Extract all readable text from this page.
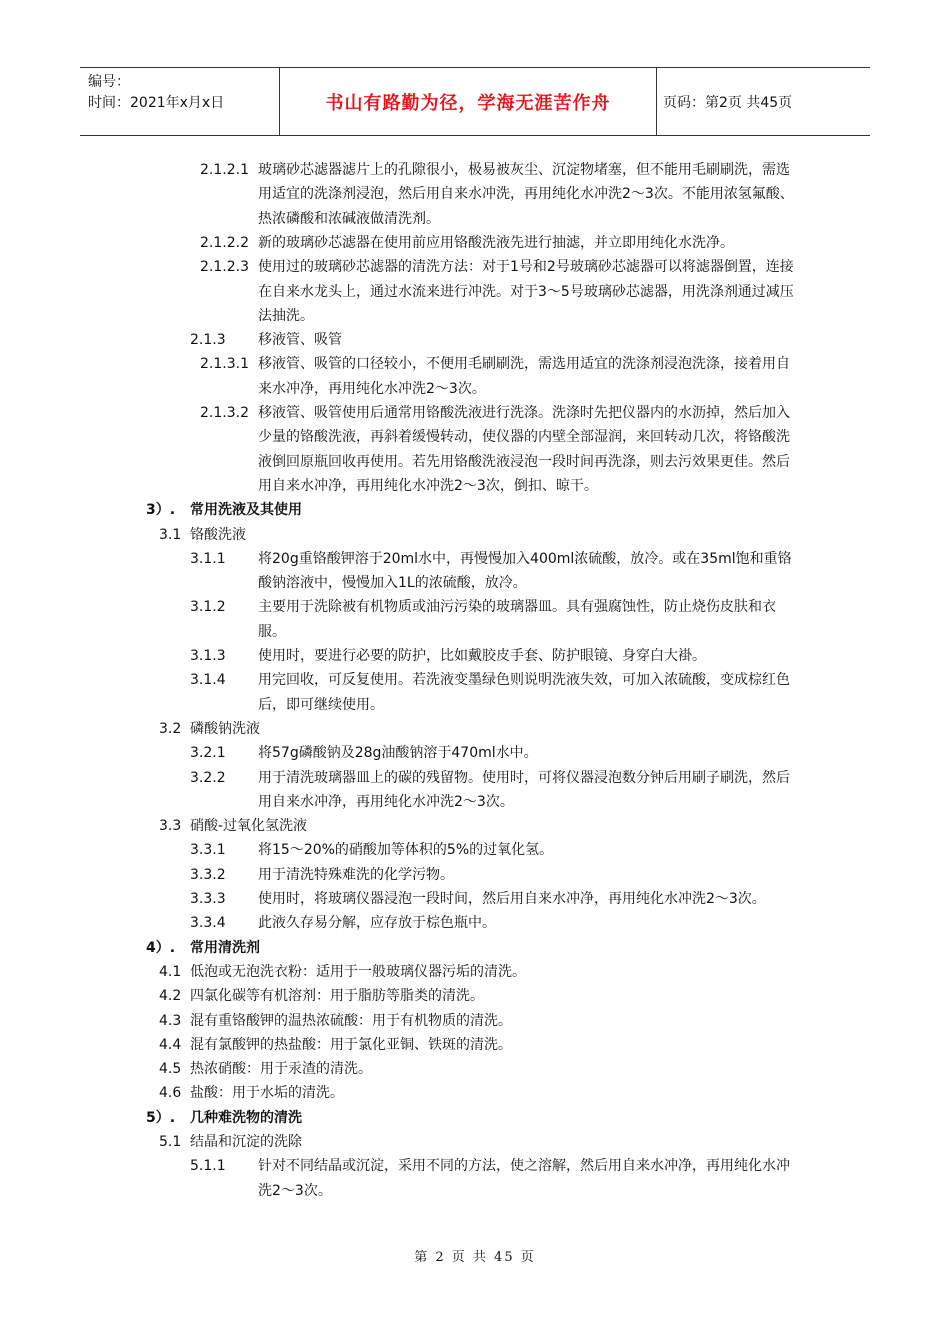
编号：
时间：2021年x月x日	书山有路勤为径，学海无涯苦作舟	页码：第2页 共45页
2.1.2.1 玻璃砂芯滤器滤片上的孔隙很小，极易被灰尘、沉淀物堵塞，但不能用毛刷刷洗，需选
用适宜的洗涤剂浸泡，然后用自来水冲洗，再用纯化水冲洗2～3次。不能用浓氢氟酸、
热浓磷酸和浓碱液做清洗剂。
2.1.2.2 新的玻璃砂芯滤器在使用前应用铬酸洗液先进行抽滤，并立即用纯化水洗净。
2.1.2.3 使用过的玻璃砂芯滤器的清洗方法：对于1号和2号玻璃砂芯滤器可以将滤器倒置，连接
在自来水龙头上，通过水流来进行冲洗。对于3～5号玻璃砂芯滤器，用洗涤剂通过减压
法抽洗。
2.1.3 移液管、吸管
2.1.3.1 移液管、吸管的口径较小，不便用毛刷刷洗，需选用适宜的洗涤剂浸泡洗涤，接着用自
来水冲净，再用纯化水冲洗2～3次。
2.1.3.2 移液管、吸管使用后通常用铬酸洗液进行洗涤。洗涤时先把仪器内的水沥掉，然后加入
少量的铬酸洗液，再斜着缓慢转动，使仪器的内壁全部湿润，来回转动几次，将铬酸洗
液倒回原瓶回收再使用。若先用铬酸洗液浸泡一段时间再洗涤，则去污效果更佳。然后
用自来水冲净，再用纯化水冲洗2～3次，倒扣、晾干。
3）. 常用洗液及其使用
3.1 铬酸洗液
3.1.1 将20g重铬酸钾溶于20ml水中，再慢慢加入400ml浓硫酸，放冷。或在35ml饱和重铬
酸钠溶液中，慢慢加入1L的浓硫酸，放冷。
3.1.2 主要用于洗除被有机物质或油污污染的玻璃器皿。具有强腐蚀性，防止烧伤皮肤和衣
服。
3.1.3 使用时，要进行必要的防护，比如戴胶皮手套、防护眼镜、身穿白大褂。
3.1.4 用完回收，可反复使用。若洗液变墨绿色则说明洗液失效，可加入浓硫酸，变成棕红色
后，即可继续使用。
3.2 磷酸钠洗液
3.2.1 将57g磷酸钠及28g油酸钠溶于470ml水中。
3.2.2 用于清洗玻璃器皿上的碳的残留物。使用时，可将仪器浸泡数分钟后用刷子刷洗，然后
用自来水冲净，再用纯化水冲洗2～3次。
3.3 硝酸-过氧化氢洗液
3.3.1 将15～20%的硝酸加等体积的5%的过氧化氢。
3.3.2 用于清洗特殊难洗的化学污物。
3.3.3 使用时，将玻璃仪器浸泡一段时间，然后用自来水冲净，再用纯化水冲洗2～3次。
3.3.4 此液久存易分解，应存放于棕色瓶中。
4）. 常用清洗剂
4.1 低泡或无泡洗衣粉：适用于一般玻璃仪器污垢的清洗。
4.2 四氯化碳等有机溶剂：用于脂肪等脂类的清洗。
4.3 混有重铬酸钾的温热浓硫酸：用于有机物质的清洗。
4.4 混有氯酸钾的热盐酸：用于氯化亚铜、铁斑的清洗。
4.5 热浓硝酸：用于汞渣的清洗。
4.6 盐酸：用于水垢的清洗。
5）. 几种难洗物的清洗
5.1 结晶和沉淀的洗除
5.1.1 针对不同结晶或沉淀，采用不同的方法，使之溶解，然后用自来水冲净，再用纯化水冲
洗2～3次。
第 2 页 共 45 页
